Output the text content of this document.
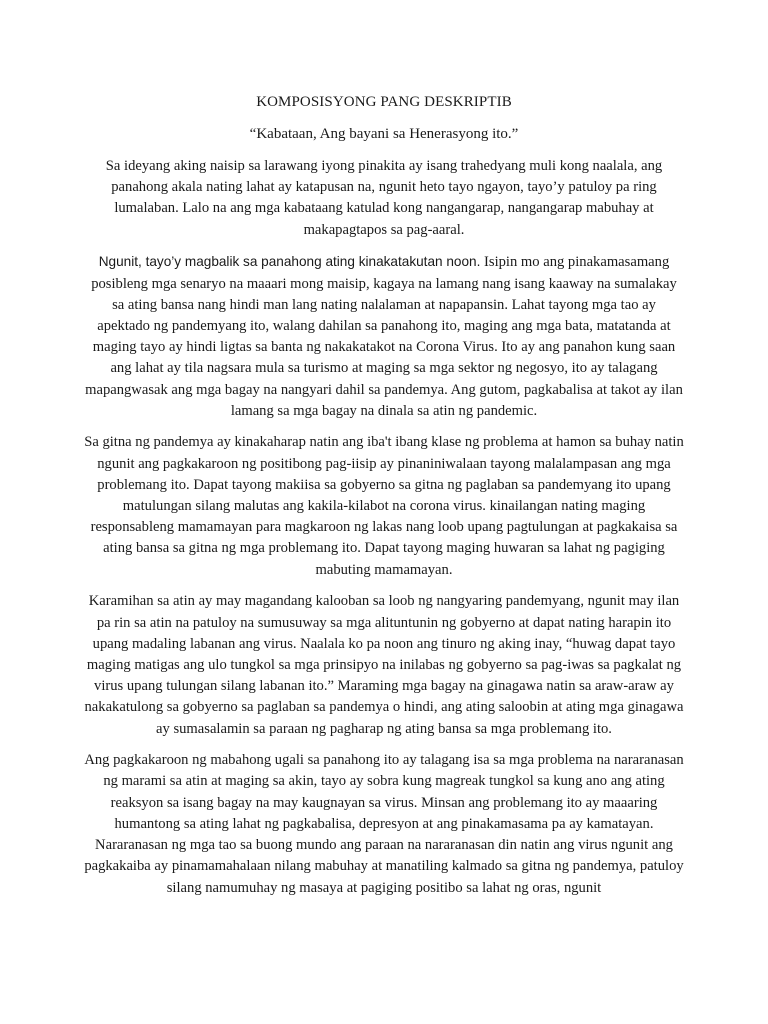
KOMPOSISYONG PANG DESKRIPTIB

“Kabataan, Ang bayani sa Henerasyong ito.”

Sa ideyang aking naisip sa larawang iyong pinakita ay isang trahedyang muli kong naalala, ang panahong akala nating lahat ay katapusan na, ngunit heto tayo ngayon, tayo’y patuloy pa ring lumalaban. Lalo na ang mga kabataang katulad kong nangangarap, nangangarap mabuhay at makapagtapos sa pag-aaral.

Ngunit, tayo’y magbalik sa panahong ating kinakatakutan noon. Isipin mo ang pinakamasamang posibleng mga senaryo na maaari mong maisip, kagaya na lamang nang isang kaaway na sumalakay sa ating bansa nang hindi man lang nating nalalaman at napapansin. Lahat tayong mga tao ay apektado ng pandemyang ito, walang dahilan sa panahong ito, maging ang mga bata, matatanda at maging tayo ay hindi ligtas sa banta ng nakakatakot na Corona Virus. Ito ay ang panahon kung saan ang lahat ay tila nagsara mula sa turismo at maging sa mga sektor ng negosyo, ito ay talagang mapangwasak ang mga bagay na nangyari dahil sa pandemya. Ang gutom, pagkabalisa at takot ay ilan lamang sa mga bagay na dinala sa atin ng pandemic.

Sa gitna ng pandemya ay kinakaharap natin ang iba't ibang klase ng problema at hamon sa buhay natin ngunit ang pagkakaroon ng positibong pag-iisip ay pinaniniwalaan tayong malalampasan ang mga problemang ito. Dapat tayong makiisa sa gobyerno sa gitna ng paglaban sa pandemyang ito upang matulungan silang malutas ang kakila-kilabot na corona virus. kinailangan nating maging responsableng mamamayan para magkaroon ng lakas nang loob upang pagtulungan at pagkakaisa sa ating bansa sa gitna ng mga problemang ito. Dapat tayong maging huwaran sa lahat ng pagiging mabuting mamamayan.

Karamihan sa atin ay may magandang kalooban sa loob ng nangyaring pandemyang, ngunit may ilan pa rin sa atin na patuloy na sumusuway sa mga alituntunin ng gobyerno at dapat nating harapin ito upang madaling labanan ang virus. Naalala ko pa noon ang tinuro ng aking inay, “huwag dapat tayo maging matigas ang ulo tungkol sa mga prinsipyo na inilabas ng gobyerno sa pag-iwas sa pagkalat ng virus upang tulungan silang labanan ito.” Maraming mga bagay na ginagawa natin sa araw-araw ay nakakatulong sa gobyerno sa paglaban sa pandemya o hindi, ang ating saloobin at ating mga ginagawa ay sumasalamin sa paraan ng pagharap ng ating bansa sa mga problemang ito.

Ang pagkakaroon ng mabahong ugali sa panahong ito ay talagang isa sa mga problema na nararanasan ng marami sa atin at maging sa akin, tayo ay sobra kung magreak tungkol sa kung ano ang ating reaksyon sa isang bagay na may kaugnayan sa virus. Minsan ang problemang ito ay maaaring humantong sa ating lahat ng pagkabalisa, depresyon at ang pinakamasama pa ay kamatayan. Nararanasan ng mga tao sa buong mundo ang paraan na nararanasan din natin ang virus ngunit ang pagkakaiba ay pinamamahalaan nilang mabuhay at manatiling kalmado sa gitna ng pandemya, patuloy silang namumuhay ng masaya at pagiging positibo sa lahat ng oras, ngunit
